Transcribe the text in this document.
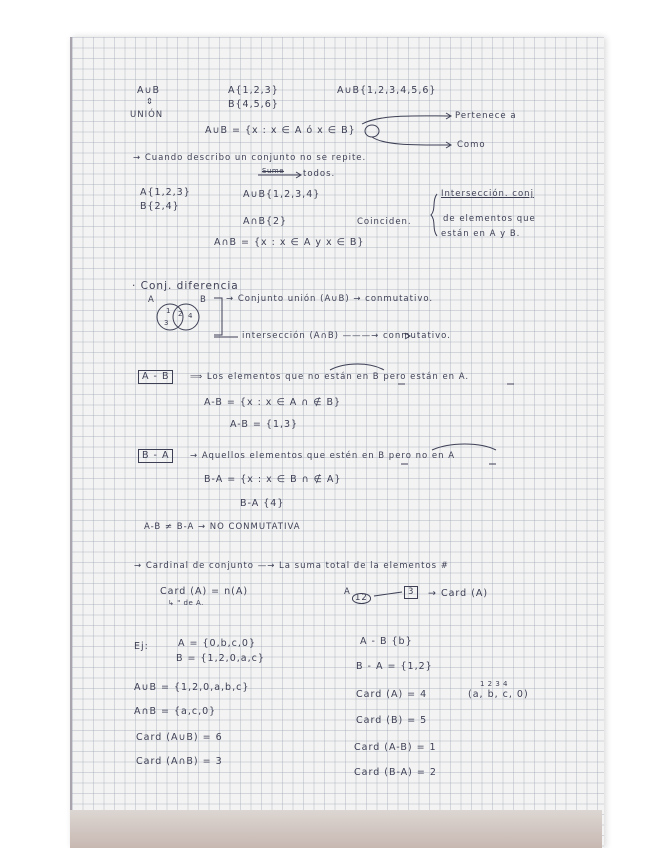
A∪B
⇕
UNIÓN
A{1,2,3}
B{4,5,6}
A∪B{1,2,3,4,5,6}
A∪B = {x : x ∈ A ó x ∈ B}
Pertenece a
Como
→ Cuando describo un conjunto no se repite.
Sume todos.
A{1,2,3}
B{2,4}
A∪B{1,2,3,4}
A∩B{2}	Coinciden.
Intersección. conj
de elementos que
están en A y B.
A∩B = {x : x ∈ A y x ∈ B}
· Conj. diferencia
A	B
1
3
2 4
→ Conjunto unión (A∪B) → conmutativo.
intersección (A∩B) ———→ conmutativo.
A - B	⟹ Los elementos que no están en B pero están en A.
A-B = {x : x ∈ A ∩ ∉ B}
A-B = {1,3}
B - A	→ Aquellos elementos que estén en B pero no en A
B-A = {x : x ∈ B ∩ ∉ A}
B-A {4}
A-B ≠ B-A → NO CONMUTATIVA
→ Cardinal de conjunto —→ La suma total de la elementos #
Card (A) = n(A)
↳ " de A.
A
12
3	→ Card (A)
Ej:	A = {0,b,c,0}
B = {1,2,0,a,c}
A∪B = {1,2,0,a,b,c}
A∩B = {a,c,0}
Card (A∪B) = 6
Card (A∩B) = 3
A - B {b}
B - A = {1,2}
Card (A) = 4
1 2 3 4
(a, b, c, 0)
Card (B) = 5
Card (A-B) = 1
Card (B-A) = 2
